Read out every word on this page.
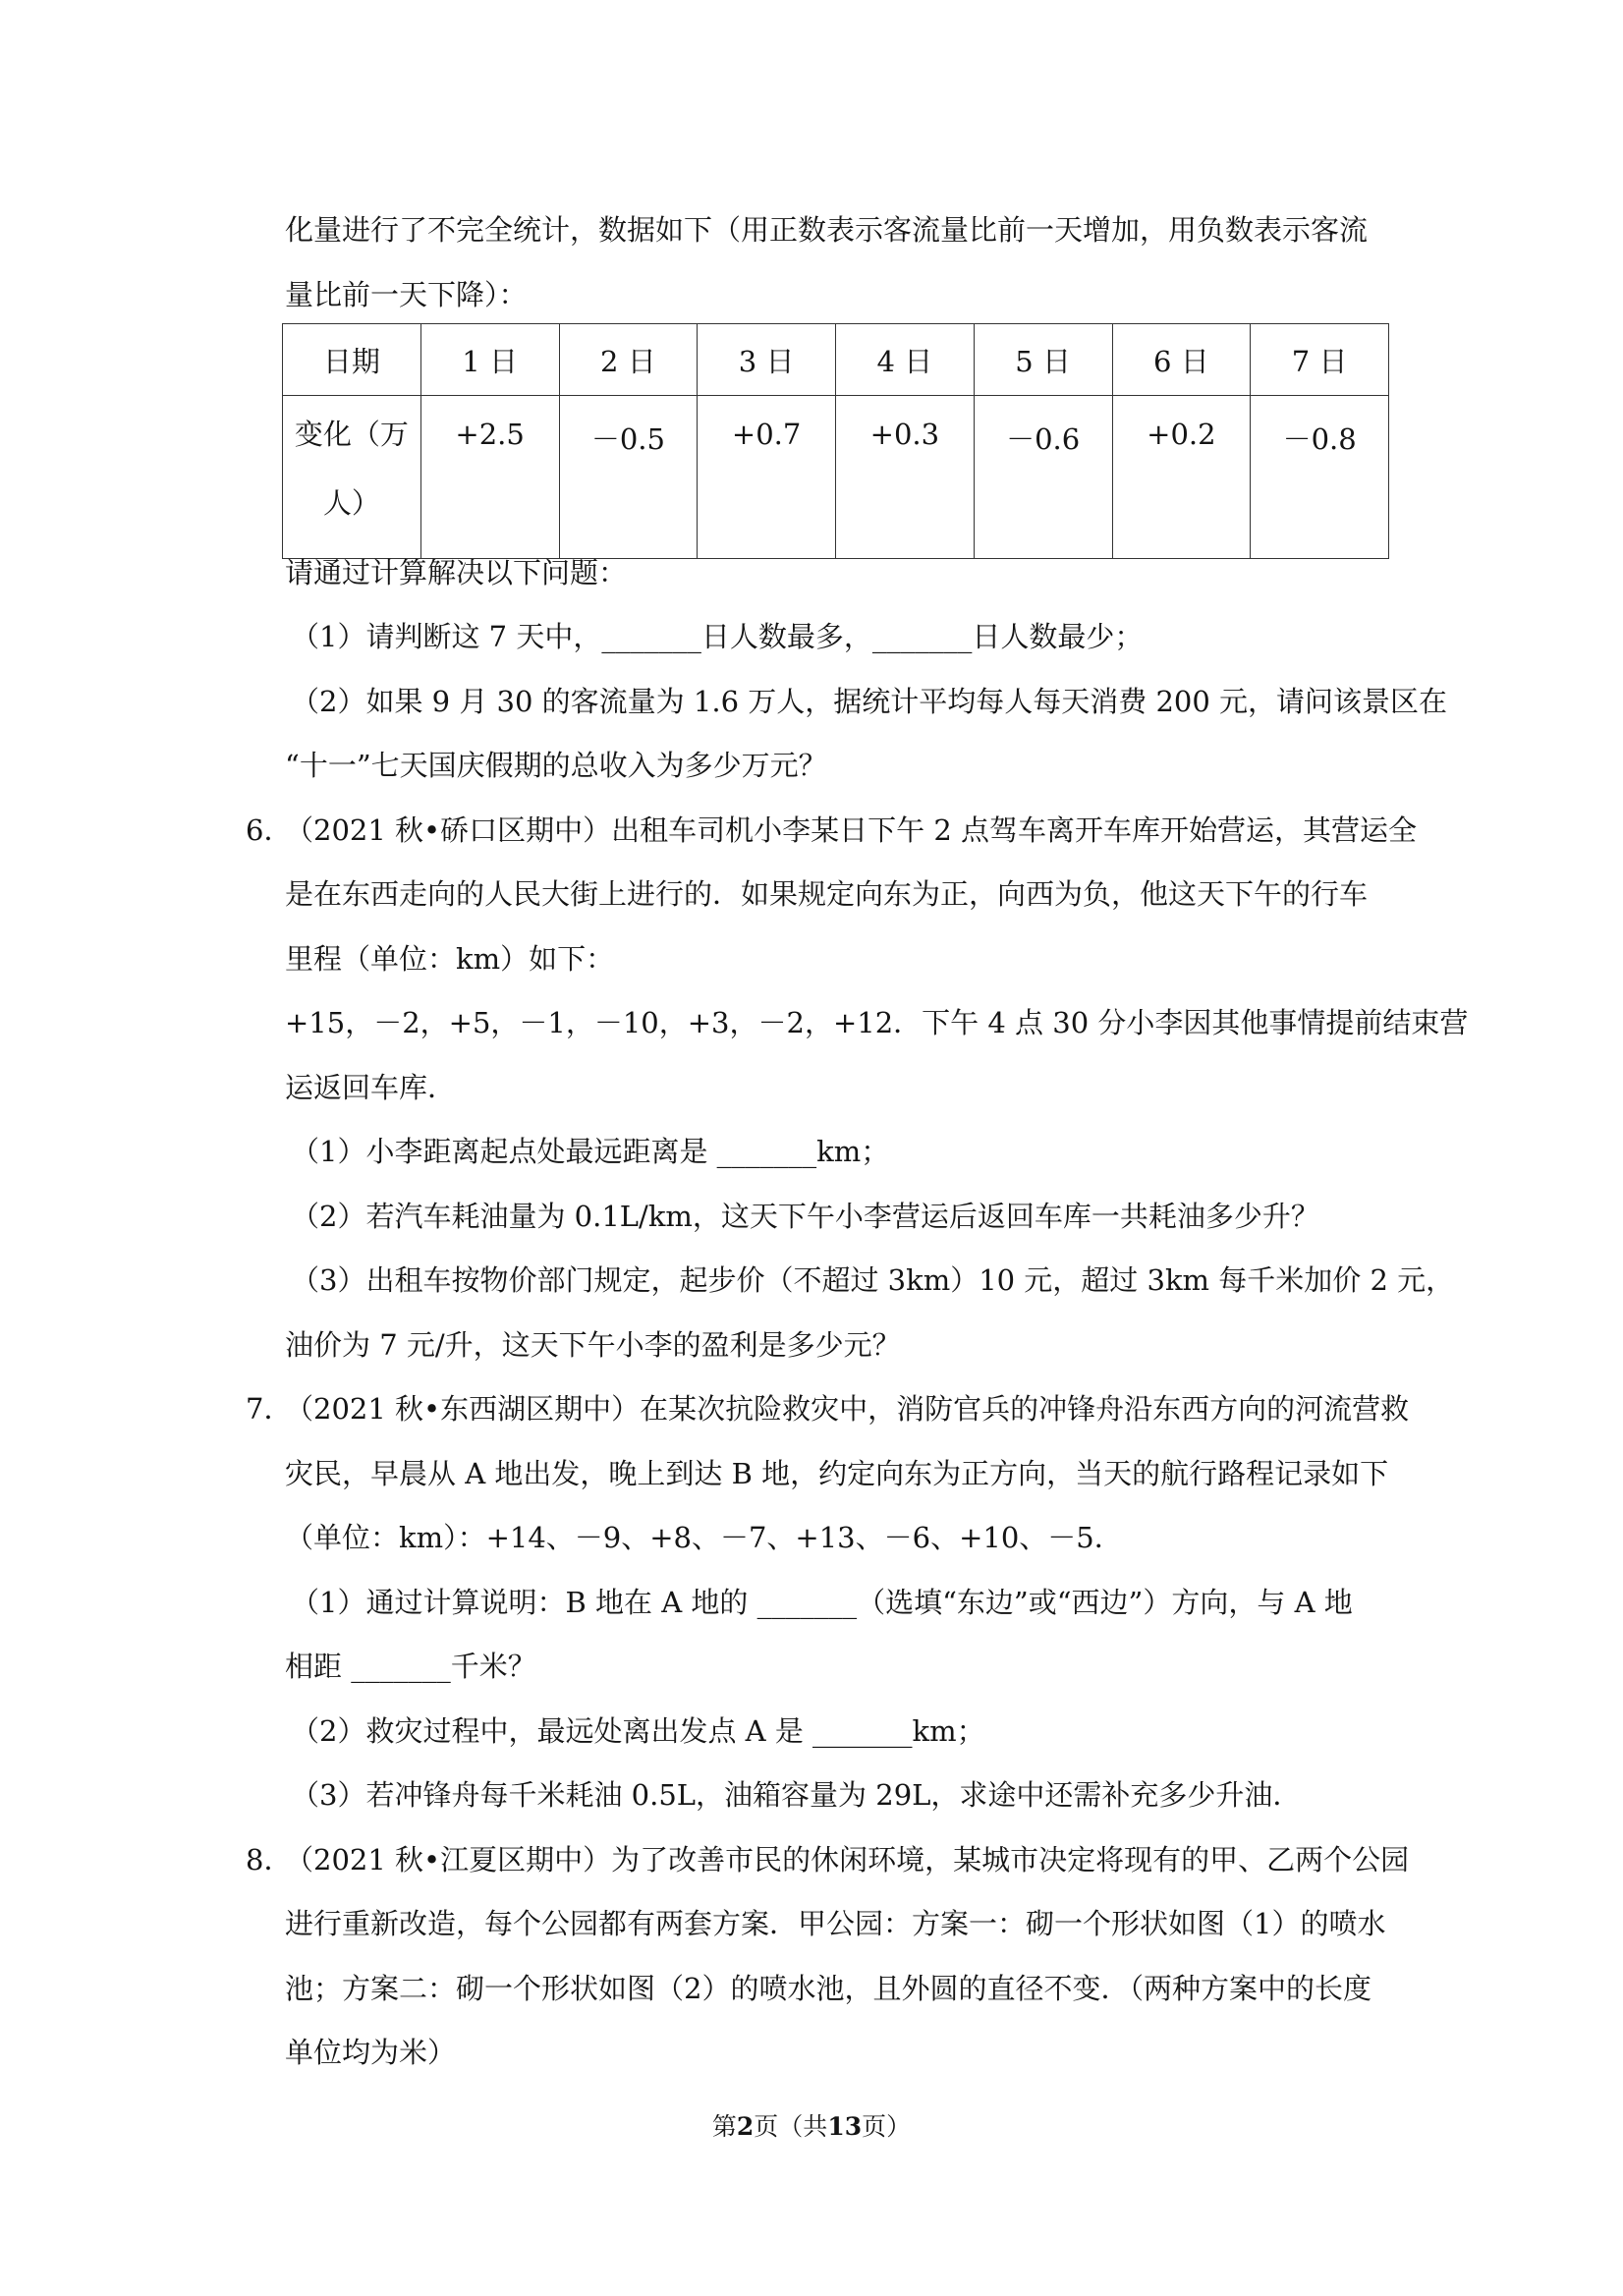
化量进行了不完全统计，数据如下（用正数表示客流量比前一天增加，用负数表示客流
量比前一天下降）：
日期	1 日	2 日	3 日	4 日	5 日	6 日	7 日

变化（万
人）	+2.5	－0.5	+0.7	+0.3	－0.6	+0.2	－0.8
请通过计算解决以下问题：
（1）请判断这 7 天中，_______日人数最多，_______日人数最少；
（2）如果 9 月 30 的客流量为 1.6 万人，据统计平均每人每天消费 200 元，请问该景区在
“十一”七天国庆假期的总收入为多少万元？
6．
（2021 秋•硚口区期中）出租车司机小李某日下午 2 点驾车离开车库开始营运，其营运全
是在东西走向的人民大街上进行的．如果规定向东为正，向西为负，他这天下午的行车
里程（单位：km）如下：
+15，－2，+5，－1，－10，+3，－2，+12．下午 4 点 30 分小李因其他事情提前结束营
运返回车库．
（1）小李距离起点处最远距离是 _______km；
（2）若汽车耗油量为 0.1L/km，这天下午小李营运后返回车库一共耗油多少升？
（3）出租车按物价部门规定，起步价（不超过 3km）10 元，超过 3km 每千米加价 2 元，
油价为 7 元/升，这天下午小李的盈利是多少元？
7．
（2021 秋•东西湖区期中）在某次抗险救灾中，消防官兵的冲锋舟沿东西方向的河流营救
灾民，早晨从 A 地出发，晚上到达 B 地，约定向东为正方向，当天的航行路程记录如下
（单位：km）：+14、－9、+8、－7、+13、－6、+10、－5．
（1）通过计算说明：B 地在 A 地的 _______（选填“东边”或“西边”）方向，与 A 地
相距 _______千米？
（2）救灾过程中，最远处离出发点 A 是 _______km；
（3）若冲锋舟每千米耗油 0.5L，油箱容量为 29L，求途中还需补充多少升油．
8．
（2021 秋•江夏区期中）为了改善市民的休闲环境，某城市决定将现有的甲、乙两个公园
进行重新改造，每个公园都有两套方案．甲公园：方案一：砌一个形状如图（1）的喷水
池；方案二：砌一个形状如图（2）的喷水池，且外圆的直径不变．（两种方案中的长度
单位均为米）
第2页（共13页）
